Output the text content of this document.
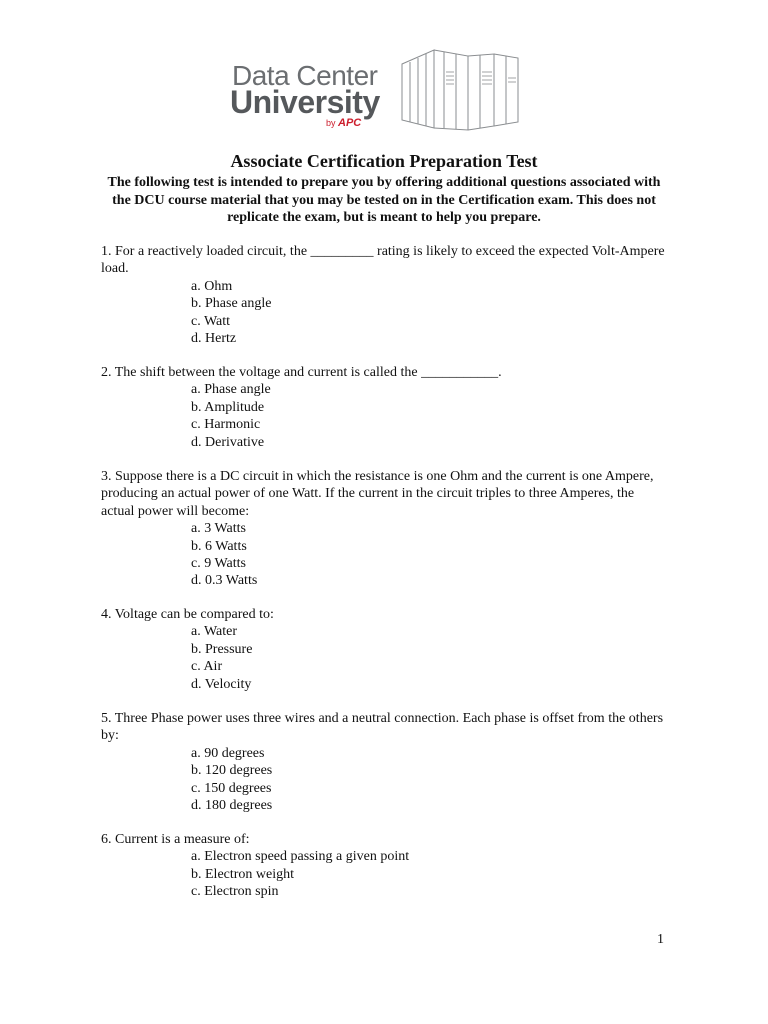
Data Center
University
by APC
Associate Certification Preparation Test
The following test is intended to prepare you by offering additional questions associated with the DCU course material that you may be tested on in the Certification exam. This does not replicate the exam, but is meant to help you prepare.
1. For a reactively loaded circuit, the _________ rating is likely to exceed the expected Volt-Ampere load.
a. Ohm
b. Phase angle
c. Watt
d. Hertz
2. The shift between the voltage and current is called the ___________.
a. Phase angle
b. Amplitude
c. Harmonic
d. Derivative
3. Suppose there is a DC circuit in which the resistance is one Ohm and the current is one Ampere, producing an actual power of one Watt. If the current in the circuit triples to three Amperes, the actual power will become:
a. 3 Watts
b. 6 Watts
c. 9 Watts
d. 0.3 Watts
4. Voltage can be compared to:
a. Water
b. Pressure
c. Air
d. Velocity
5. Three Phase power uses three wires and a neutral connection. Each phase is offset from the others by:
a. 90 degrees
b. 120 degrees
c. 150 degrees
d. 180 degrees
6. Current is a measure of:
a. Electron speed passing a given point
b. Electron weight
c. Electron spin
1
